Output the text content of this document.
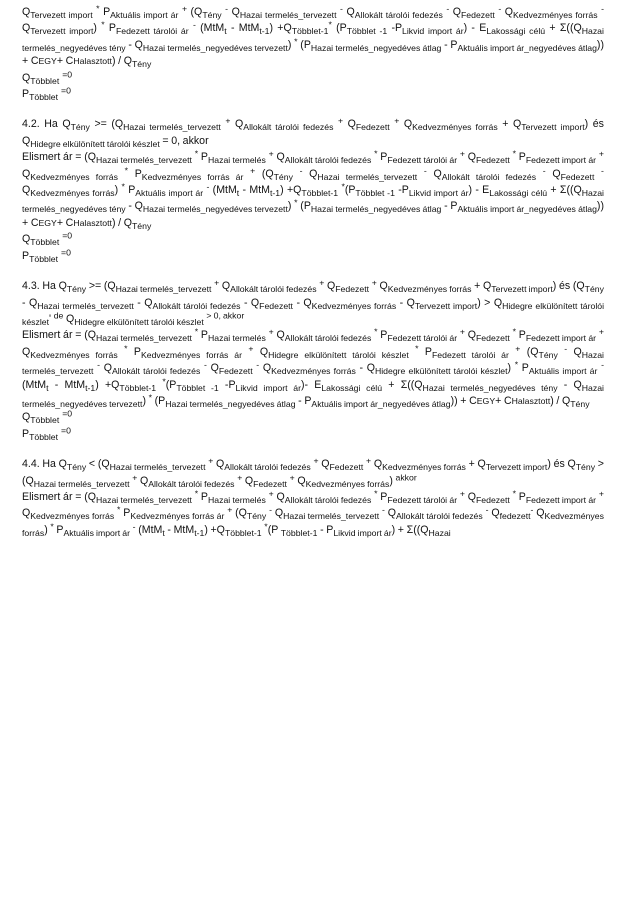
$Q_{Tervezett import}$ * $P_{Aktuális import ár}$ + ($Q_{Tény}$ - $Q_{Hazai termelés\_tervezett}$ - $Q_{Allokált tárolói fedezés}$ - $Q_{Fedezett}$ - $Q_{Kedvezményes forrás}$ - $Q_{Tervezett import}$) * $P_{Fedezett tárolói ár}$ - $(MtM_t - MtM_{t-1}) +Q_{Többlet-1}^*$ ($P_{Többlet -1}$ $-P_{Likvid import ár}) - E_{Lakossági célú} + \Sigma((Q_{Hazai termelés\_negyedéves tény} - Q_{Hazai termelés\_negyedéves tervezett})$ * $(P_{Hazai termelés\_negyedéves átlag} - P_{Aktuális import ár\_negyedéves átlag})$) + CEGY+ CHalasztott) / $Q_{Tény}$

$Q_{Többlet}$ $^{=0}$

$P_{Többlet}$ $^{=0}$

4.2. Ha $Q_{Tény} >= (Q_{Hazai termelés\_tervezett}$ + $Q_{Allokált tárolói fedezés}$ + $Q_{Fedezett}$ + $Q_{Kedvezményes forrás} + Q_{Tervezett import}$) és $Q_{Hidegre elkülönített tárolói készlet} = 0$, akkor

Elismert ár = ($Q_{Hazai termelés\_tervezett}$ * $P_{Hazai termelés}$ + $Q_{Allokált tárolói fedezés}$ * $P_{Fedezett tárolói ár}$ + $Q_{Fedezett}$ * $P_{Fedezett import ár}$ + $Q_{Kedvezményes forrás}$ * $P_{Kedvezményes forrás ár}$ + ($Q_{Tény}$ - $Q_{Hazai termelés\_tervezett}$ - $Q_{Allokált tárolói fedezés}$ - $Q_{Fedezett}$ - $Q_{Kedvezményes forrás}$) * $P_{Aktuális import ár}$ - $(MtM_t - MtM_{t-1}) +Q_{Többlet-1}$ $^*(P_{Többlet -1}$ $-P_{Likvid import ár}) - E_{Lakossági célú} + \Sigma((Q_{Hazai termelés\_negyedéves tény} - Q_{Hazai termelés\_negyedéves tervezett})$ * $(P_{Hazai termelés\_negyedéves átlag} - P_{Aktuális import ár\_negyedéves átlag})$) + CEGY+ CHalasztott) / $Q_{Tény}$

$Q_{Többlet}$ $^{=0}$

$P_{Többlet}$ $^{=0}$

4.3. Ha $Q_{Tény} >= (Q_{Hazai termelés\_tervezett}$ + $Q_{Allokált tárolói fedezés}$ + $Q_{Fedezett}$ + $Q_{Kedvezményes forrás} + Q_{Tervezett import}$) és $(Q_{Tény} - Q_{Hazai termelés\_tervezett} - Q_{Allokált tárolói fedezés} - Q_{Fedezett} - Q_{Kedvezményes forrás} - Q_{Tervezett import}) > Q_{Hidegre elkülönített tárolói készlet}'$ $^{de}$ $Q_{Hidegre elkülönített tárolói készlet}$ $^{> 0, akkor}$

Elismert ár = ($Q_{Hazai termelés\_tervezett}$ * $P_{Hazai termelés}$ + $Q_{Allokált tárolói fedezés}$ * $P_{Fedezett tárolói ár}$ + $Q_{Fedezett}$ * $P_{Fedezett import ár}$ + $Q_{Kedvezményes forrás}$ * $P_{Kedvezményes forrás ár}$ + $Q_{Hidegre elkülönített tárolói készlet}$ * $P_{Fedezett tárolói ár}$ + ($Q_{Tény}$ - $Q_{Hazai termelés\_tervezett}$ - $Q_{Allokált tárolói fedezés}$ - $Q_{Fedezett}$ - $Q_{Kedvezményes forrás} - Q_{Hidegre elkülönített tárolói készlet}$) * $P_{Aktuális import ár}$ - $(MtM_t - MtM_{t-1}) +Q_{Többlet-1}$ $^*(P_{Többlet -1}$ $-P_{Likvid import ár})-$ $E_{Lakossági célú} + \Sigma((Q_{Hazai termelés\_negyedéves tény} - Q_{Hazai termelés\_negyedéves tervezett})$ * $(P_{Hazai termelés\_negyedéves átlag} - P_{Aktuális import ár\_negyedéves átlag})$) + CEGY+ CHalasztott) / $Q_{Tény}$

$Q_{Többlet}$ $^{=0}$

$P_{Többlet}$ $^{=0}$

4.4. Ha $Q_{Tény} < (Q_{Hazai termelés\_tervezett}$ + $Q_{Allokált tárolói fedezés}$ + $Q_{Fedezett}$ + $Q_{Kedvezményes forrás} + Q_{Tervezett import}$) és $Q_{Tény} > (Q_{Hazai termelés\_tervezett}$ + $Q_{Allokált tárolói fedezés}$ + $Q_{Fedezett}$ + $Q_{Kedvezményes forrás}$) $^{akkor}$

Elismert ár = ($Q_{Hazai termelés\_tervezett}$ * $P_{Hazai termelés}$ + $Q_{Allokált tárolói fedezés}$ * $P_{Fedezett tárolói ár}$ + $Q_{Fedezett}$ * $P_{Fedezett import ár}$ + $Q_{Kedvezményes forrás}$ * $P_{Kedvezményes forrás ár}$ + ($Q_{Tény}$ - $Q_{Hazai termelés\_tervezett}$ - $Q_{Allokált tárolói fedezés}$ - $Q_{fedezett}^-$ $Q_{Kedvezményes forrás}$) * $P_{Aktuális import ár}$ - $(MtM_t - MtM_{t-1}) +Q_{Többlet-1}$ *(P $_{Többlet-1} - P_{Likvid import ár}) + \Sigma((Q_{Hazai}$
